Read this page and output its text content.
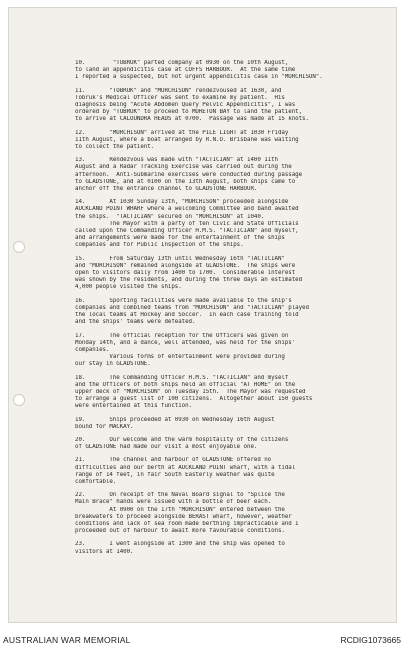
10.        "TOBRUK" parted company at 0930 on the 10th August,
to land an appendicitis case at COFFS HARBOUR.  At the same time
I reported a suspected, but not urgent appendicitis case in "MURCHISON".
11.       "TOBRUK" and "MURCHISON" rendezvoused at 1630, and
Tobruk's Medical Officer was sent to examine my patient.  His
diagnosis being "Acute Abdomen Query Pelvic Appendicitis", I was
ordered by "TOBRUK" to proceed to MORETON BAY to land the patient,
to arrive at CALOUNDRA HEADS at 0700.  Passage was made at 15 knots.
12.       "MURCHISON" arrived at the PILE LIGHT at 1030 Friday
11th August, where a boat arranged by R.N.O. Brisbane was waiting
to collect the patient.
13.       Rendezvous was made with "TACTICIAN" at 1400 11th
August and a Radar Tracking Exercise was carried out during the
afternoon.  Anti-Submarine exercises were conducted during passage
to GLADSTONE, and at 0100 on the 13th August, both ships came to
anchor off the entrance channel to GLADSTONE HARBOUR.
14.       At 1030 Sunday 13th, "MURCHISON" proceeded alongside
AUCKLAND POINT WHARF where a welcoming Committee and band awaited
the ships.  "TACTICIAN" secured on "MURCHISON" at 1040.
The Mayor with a party of ten Civic and State Officials
called upon the Commanding Officer H.M.S. "TACTICIAN" and myself,
and arrangements were made for the entertainment of the ships
companies and for Public Inspection of the ships.
15.       From Saturday 13th until Wednesday 16th "TACTICIAN"
and "MURCHISON" remained alongside at GLADSTONE.  The ships were
open to visitors daily from 1400 to 1700.  Considerable interest
was shown by the residents, and during the three days an estimated
4,000 people visited the ships.
16.       Sporting facilities were made available to the ship's
companies and combined teams from "MURCHISON" and "TACTICIAN" played
the local teams at Hockey and Soccer.  In each case training told
and the ships' teams were defeated.
17.       The official reception for the Officers was given on
Monday 14th, and a dance, well attended, was held for the ships'
companies.
Various forms of entertainment were provided during
our stay in GLADSTONE.
18.       The Commanding Officer H.M.S. "TACTICIAN" and myself
and the Officers of both ships held an official "AT HOME" on the
upper deck of "MURCHISON" on Tuesday 15th.  The Mayor was requested
to arrange a guest list of 100 citizens.  Altogether about 150 guests
were entertained at this function.
19.       Ships proceeded at 0930 on Wednesday 16th August
bound for MACKAY.
20.       Our welcome and the warm hospitality of the citizens
of GLADSTONE had made our visit a most enjoyable one.
21.       The channel and harbour of GLADSTONE offered no
difficulties and our berth at AUCKLAND POINT wharf, with a tidal
range of 14 feet, in fair South Easterly weather was quite
comfortable.
22.       On receipt of the Naval Board signal to "Splice the
Main Brace" hands were issued with a bottle of beer each.
At 0900 on the 17th "MURCHISON" entered between the
breakwaters to proceed alongside BERAST wharf, however, weather
conditions and lack of sea room made berthing impracticable and I
proceeded out of harbour to await more favourable conditions.
23.       I went alongside at 1300 and the ship was opened to
visitors at 1400.
AUSTRALIAN WAR MEMORIAL	RCDIG1073665
